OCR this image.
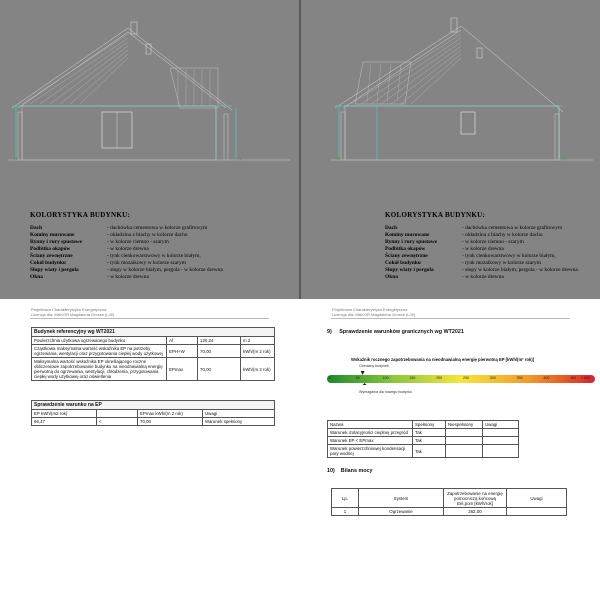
KOLORYSTYKA BUDYNKU:
Dach	- dachówka cementowa w kolorze grafitowym
Kominy murowane	- okładzina z blachy w kolorze dachu
Rynny i rury spustowe	- w kolorze ciemno - szarym
Podbitka okapów	- w kolorze drewna
Ściany zewnętrzne	- tynk cienkowarstwowy w kolorze białym,
Cokół budynku	- tynk mozaikowy w kolorze szarym
Słupy wiaty i pergola	- słupy w kolorze białym, pergola - w kolorze drewna
Okna	- w kolorze drewna
KOLORYSTYKA BUDYNKU:
Dach	- dachówka cementowa w kolorze grafitowym
Kominy murowane	- okładzina z blachy w kolorze dachu
Rynny i rury spustowe	- w kolorze ciemno - szarym
Podbitka okapów	- w kolorze drewna
Ściany zewnętrzne	- tynk cienkowarstwowy w kolorze białym,
Cokół budynku	- tynk mozaikowy w kolorze szarym
Słupy wiaty i pergola	- słupy w kolorze białym, pergola - w kolorze drewna
Okna	- w kolorze drewna
Projektowa Charakterystyka Energetyczna
Licencja dla: MAKOR Magdalena Grosse (L/3/)
Budynek referencyjny wg WT2021			
Powierzchnia użytkowa ogrzewanego budynku	Af	120,24	m 2
Cząstkowa maksymalna wartość wskaźnika EP na potrzeby ogrzewania, wentylacji oraz przygotowania ciepłej wody użytkowej	EPH+W	70,00	kWh/(m 2 rok)
Maksymalna wartość wskaźnika EP określającego roczne obliczeniowe zapotrzebowanie budynku na nieodnawialną energię pierwotną do ogrzewania, wentylacji, chłodzenia, przygotowania ciepłej wody użytkowej oraz oświetlenia	EPmax	70,00	kWh/(m 2 rok)
Sprawdzenie warunku na EP			
EP kWh/(m2 rok)		EPmax kWh/(m 2 rok)	Uwagi
66,47	<	70,00	Warunek spełniony
Projektowa Charakterystyka Energetyczna
Licencja dla: MAKOR Magdalena Grosse (L/3/)
9) Sprawdzenie warunków granicznych wg WT2021
Wskaźnik rocznego zapotrzebowania na nieodnawialną energię pierwotną EP [kWh/(m² rok)]
Oceniany budynek
0	50	100	150	200	250	300	350	400	450 > 500
Wymagania dla nowego budynku
Nazwa	Spełniony	Niespełniony	Uwagi
Warunek izolacyjności cieplnej przegród	Tak		
Warunek EP < EPmax	Tak		
Warunek powierzchniowej kondensacji pary wodnej	Tak		
10) Bilans mocy
Lp.	System	Zapotrzebowanie na energię pomocniczą końcową Eel,pom [kWh/rok]	Uwagi
1	Ogrzewanie	262,00	
